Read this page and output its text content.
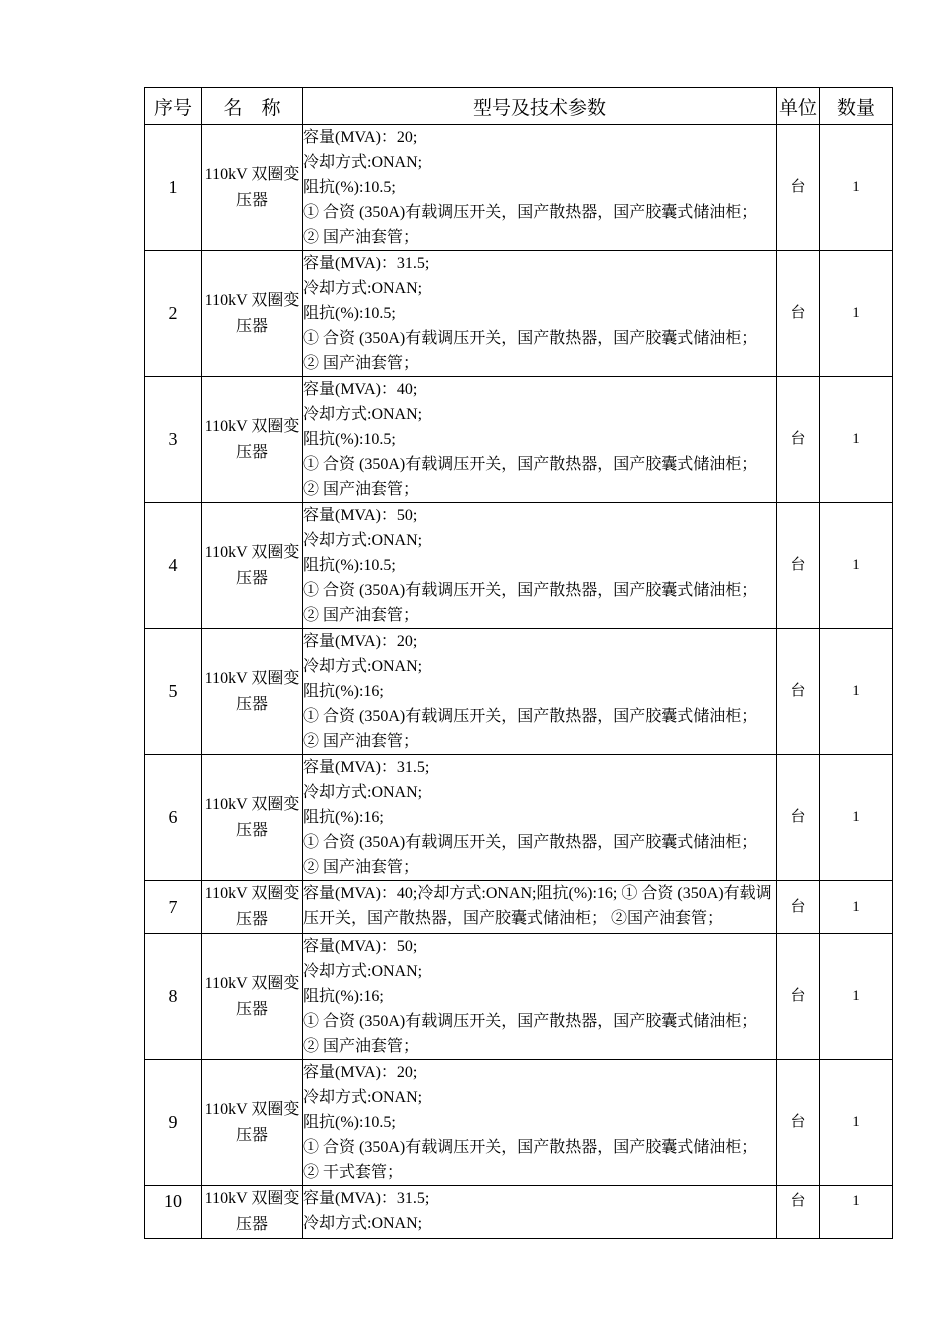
序号	名　称	型号及技术参数	单位	数量
1	110kV 双圈变压器	容量(MVA)：20;
冷却方式:ONAN;
阻抗(%):10.5;
① 合资 (350A)有载调压开关，国产散热器，国产胶囊式储油柜；
② 国产油套管；	台	1
2	110kV 双圈变压器	容量(MVA)：31.5;
冷却方式:ONAN;
阻抗(%):10.5;
① 合资 (350A)有载调压开关，国产散热器，国产胶囊式储油柜；
② 国产油套管；	台	1
3	110kV 双圈变压器	容量(MVA)：40;
冷却方式:ONAN;
阻抗(%):10.5;
① 合资 (350A)有载调压开关，国产散热器，国产胶囊式储油柜；
② 国产油套管；	台	1
4	110kV 双圈变压器	容量(MVA)：50;
冷却方式:ONAN;
阻抗(%):10.5;
① 合资 (350A)有载调压开关，国产散热器，国产胶囊式储油柜；
② 国产油套管；	台	1
5	110kV 双圈变压器	容量(MVA)：20;
冷却方式:ONAN;
阻抗(%):16;
① 合资 (350A)有载调压开关，国产散热器，国产胶囊式储油柜；
② 国产油套管；	台	1
6	110kV 双圈变压器	容量(MVA)：31.5;
冷却方式:ONAN;
阻抗(%):16;
① 合资 (350A)有载调压开关，国产散热器，国产胶囊式储油柜；
② 国产油套管；	台	1
7	110kV 双圈变压器	容量(MVA)：40;冷却方式:ONAN;阻抗(%):16; ① 合资 (350A)有载调压开关，国产散热器，国产胶囊式储油柜； ②国产油套管；	台	1
8	110kV 双圈变压器	容量(MVA)：50;
冷却方式:ONAN;
阻抗(%):16;
① 合资 (350A)有载调压开关，国产散热器，国产胶囊式储油柜；
② 国产油套管；	台	1
9	110kV 双圈变压器	容量(MVA)：20;
冷却方式:ONAN;
阻抗(%):10.5;
① 合资 (350A)有载调压开关，国产散热器，国产胶囊式储油柜；
② 干式套管；	台	1
10	110kV 双圈变压器	容量(MVA)：31.5;
冷却方式:ONAN;	台	1
